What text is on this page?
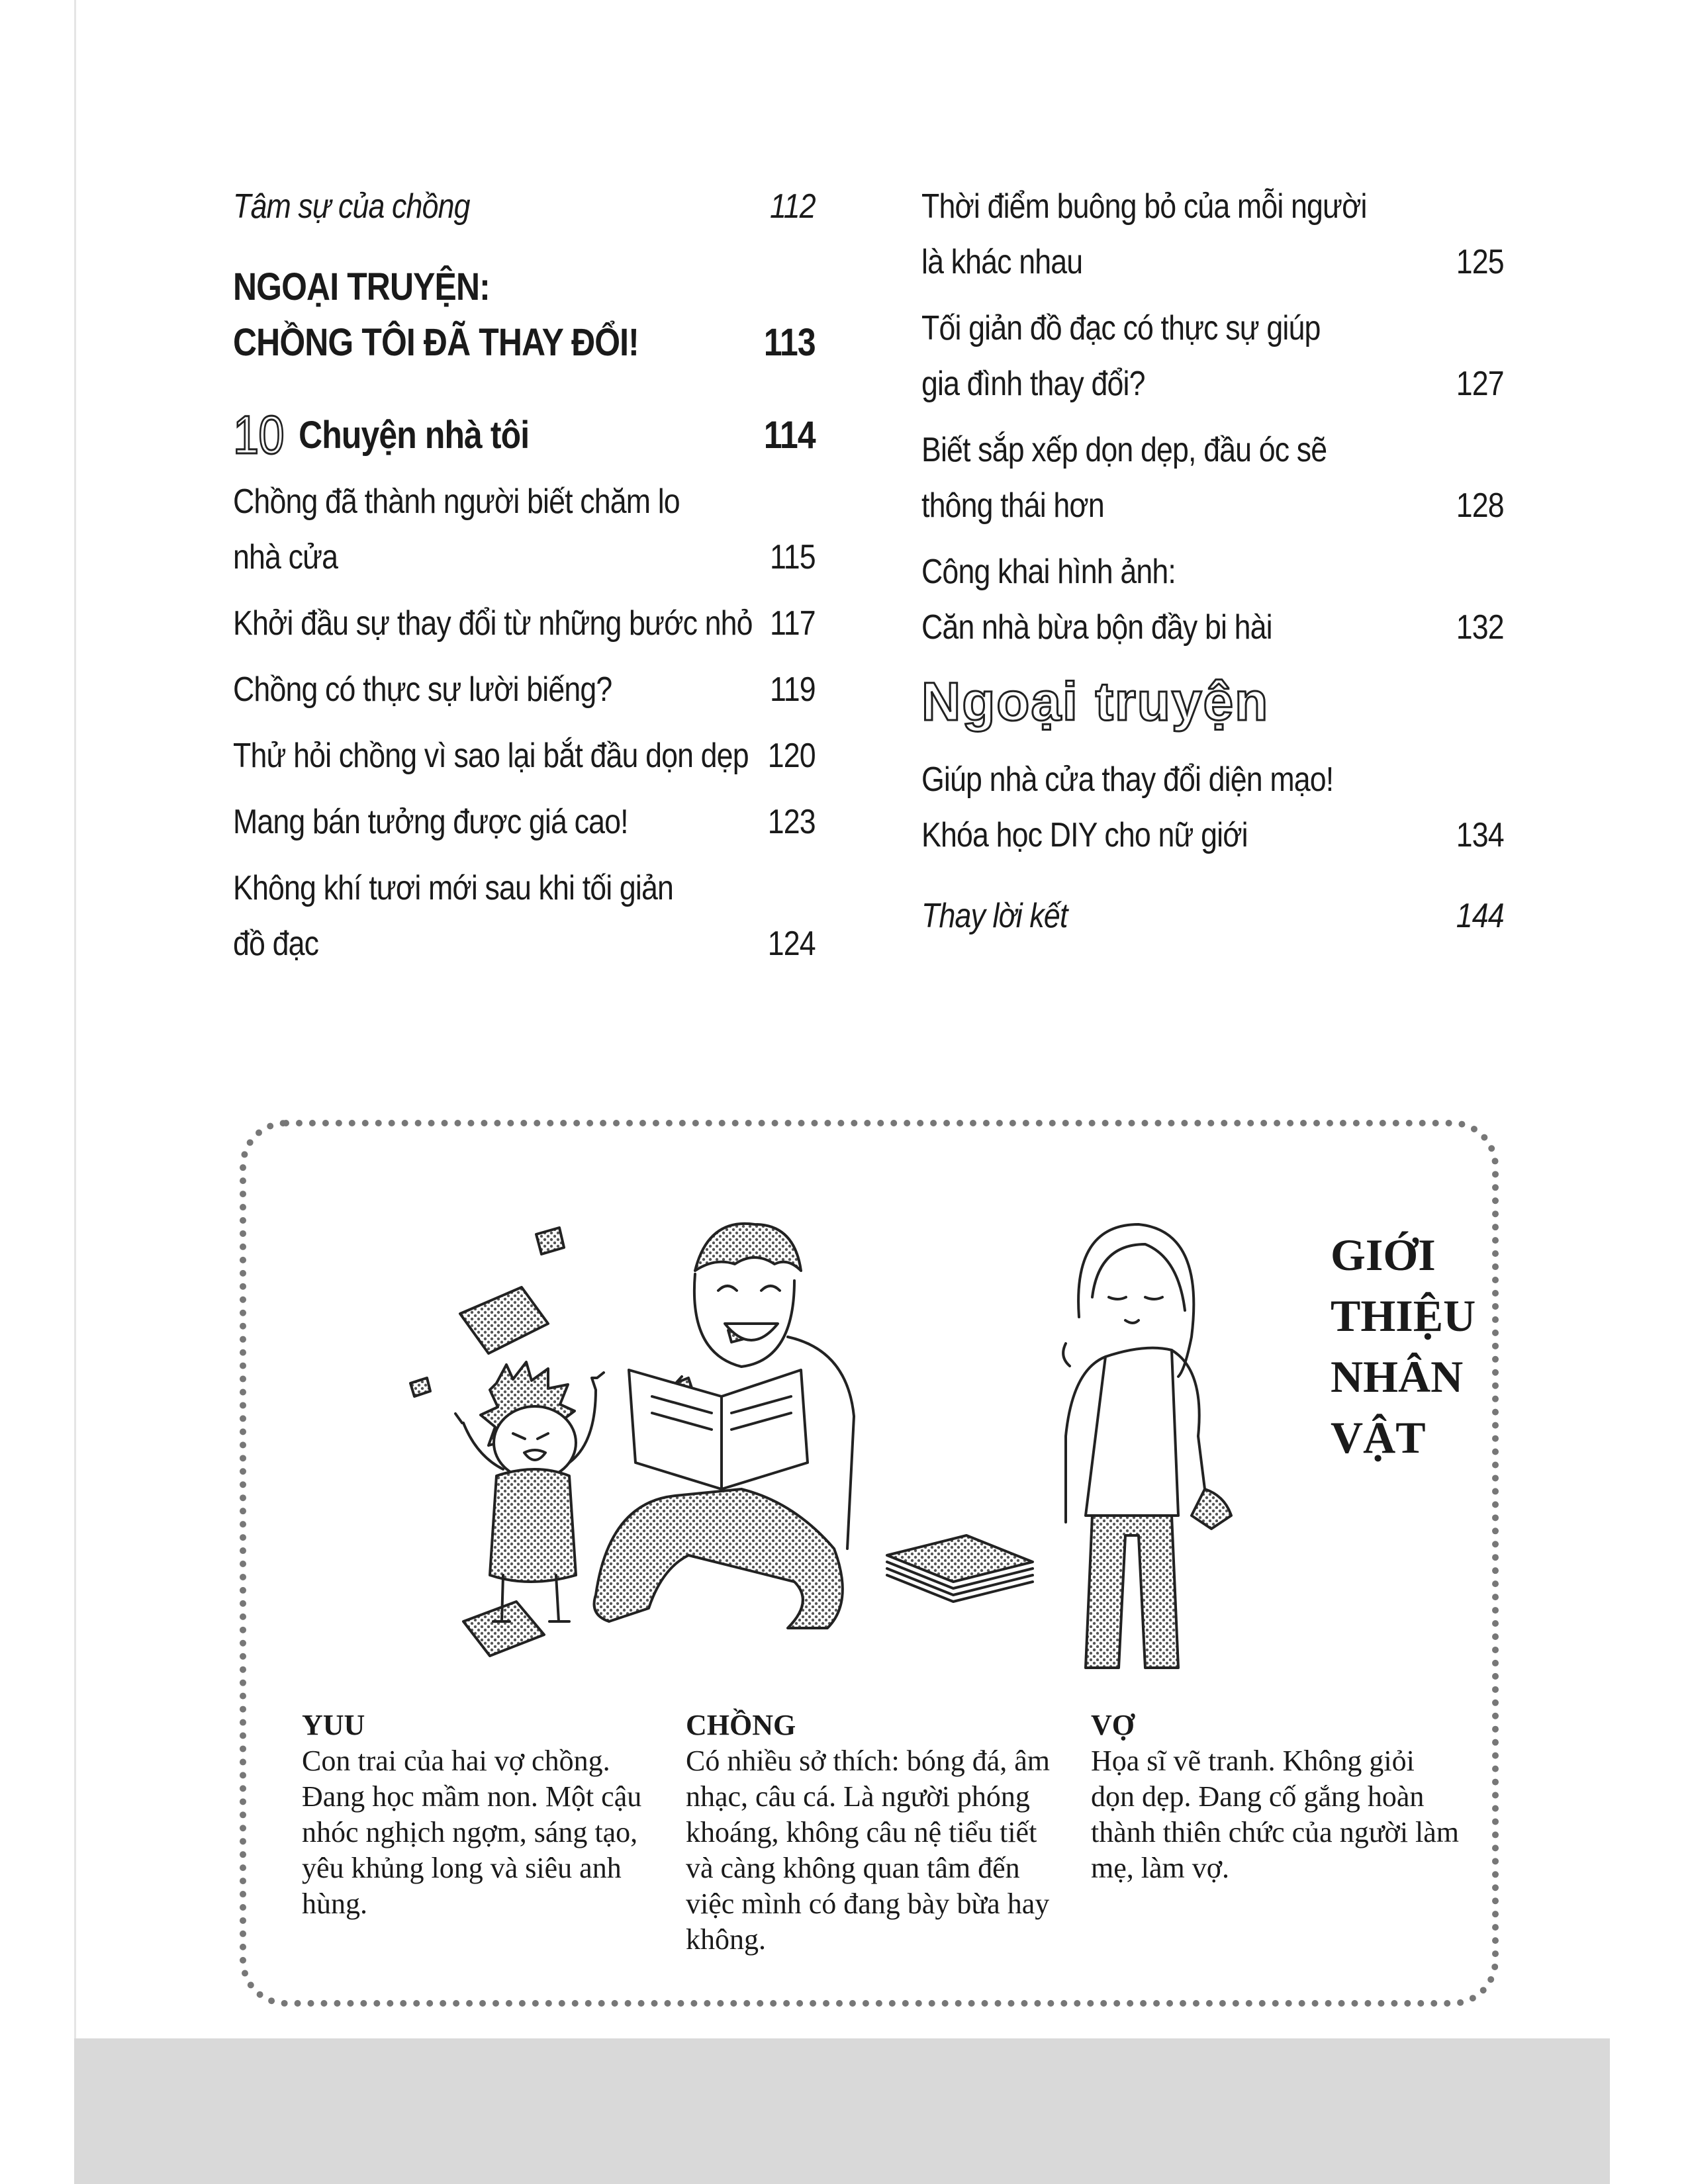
Tâm sự của chồng	112
NGOẠI TRUYỆN:
CHỒNG TÔI ĐÃ THAY ĐỔI!	113
10 Chuyện nhà tôi	114
Chồng đã thành người biết chăm lo
nhà cửa	115
Khởi đầu sự thay đổi từ những bước nhỏ 117
Chồng có thực sự lười biếng?	119
Thử hỏi chồng vì sao lại bắt đầu dọn dẹp 120
Mang bán tưởng được giá cao!	123
Không khí tươi mới sau khi tối giản
đồ đạc	124
Thời điểm buông bỏ của mỗi người
là khác nhau	125
Tối giản đồ đạc có thực sự giúp
gia đình thay đổi?	127
Biết sắp xếp dọn dẹp, đầu óc sẽ
thông thái hơn	128
Công khai hình ảnh:
Căn nhà bừa bộn đầy bi hài	132
Ngoại truyện
Giúp nhà cửa thay đổi diện mạo!
Khóa học DIY cho nữ giới	134
Thay lời kết	144
GIỚI
THIỆU
NHÂN
VẬT
YUU
Con trai của hai vợ chồng. Đang học mầm non. Một cậu nhóc nghịch ngợm, sáng tạo, yêu khủng long và siêu anh hùng.
CHỒNG
Có nhiều sở thích: bóng đá, âm nhạc, câu cá. Là người phóng khoáng, không câu nệ tiểu tiết và càng không quan tâm đến việc mình có đang bày bừa hay không.
VỢ
Họa sĩ vẽ tranh. Không giỏi dọn dẹp. Đang cố gắng hoàn thành thiên chức của người làm mẹ, làm vợ.
